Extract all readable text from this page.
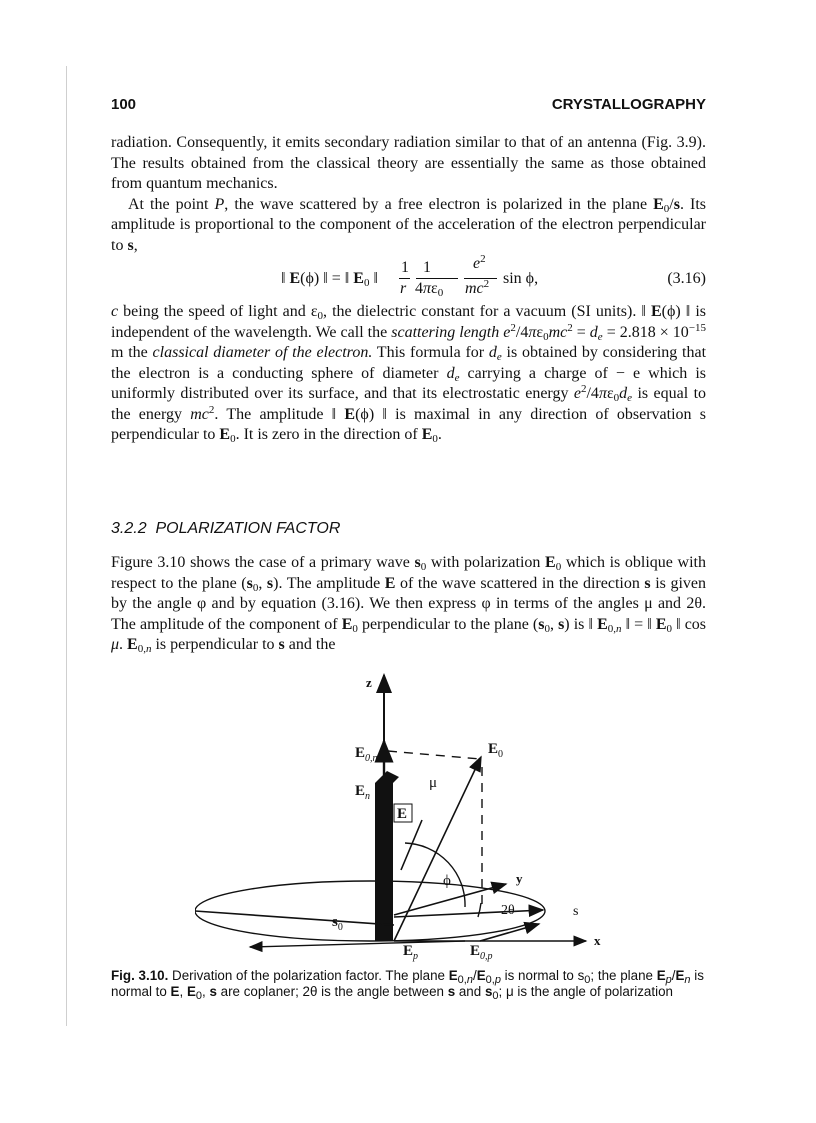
100	CRYSTALLOGRAPHY

radiation. Consequently, it emits secondary radiation similar to that of an antenna (Fig. 3.9). The results obtained from the classical theory are essentially the same as those obtained from quantum mechanics.

At the point P, the wave scattered by a free electron is polarized in the plane $E_0/s$. Its amplitude is proportional to the component of the acceleration of the electron perpendicular to s,

‖ E(ϕ) ‖ = ‖ $E_0$ ‖
1
r
1
$4\pi\varepsilon_0$
$e^2$
$mc^2$ sin ϕ,	(3.16)

c being the speed of light and $\varepsilon_0$, the dielectric constant for a vacuum (SI units). ‖ E(ϕ) ‖ is independent of the wavelength. We call the scattering length $e^2/4\pi\varepsilon_0mc^2 = d_e = 2.818 \times 10^{-15}$ m the classical diameter of the electron. This formula for $d_e$ is obtained by considering that the electron is a conducting sphere of diameter $d_e$ carrying a charge of − e which is uniformly distributed over its surface, and that its electrostatic energy $e^2/4\pi\varepsilon_0d_e$ is equal to the energy $mc^2$. The amplitude ‖ E(ϕ) ‖ is maximal in any direction of observation s perpendicular to $E_0$. It is zero in the direction of $E_0$.

3.2.2 POLARIZATION FACTOR

Figure 3.10 shows the case of a primary wave $s_0$ with polarization $E_0$ which is oblique with respect to the plane ($s_0$, s). The amplitude E of the wave scattered in the direction s is given by the angle φ and by equation (3.16). We then express φ in terms of the angles μ and 2θ. The amplitude of the component of $E_0$ perpendicular to the plane ($s_0$, s) is ‖ $E_{0,n}$ ‖ = ‖ $E_0$ ‖ cos μ. $E_{0,n}$ is perpendicular to s and the

z
y
s
2θ
x
$E_{0,n}$
$E_0$
$E_n$
E
μ
ϕ
$s_0$
$E_p$	$E_{0,p}$
Fig. 3.10. Derivation of the polarization factor. The plane $E_{0,n}/E_{0,p}$ is normal to $s_0$; the plane $E_p/E_n$ is normal to E, $E_0$, s are coplaner; 2θ is the angle between s and $s_0$; μ is the angle of polarization
